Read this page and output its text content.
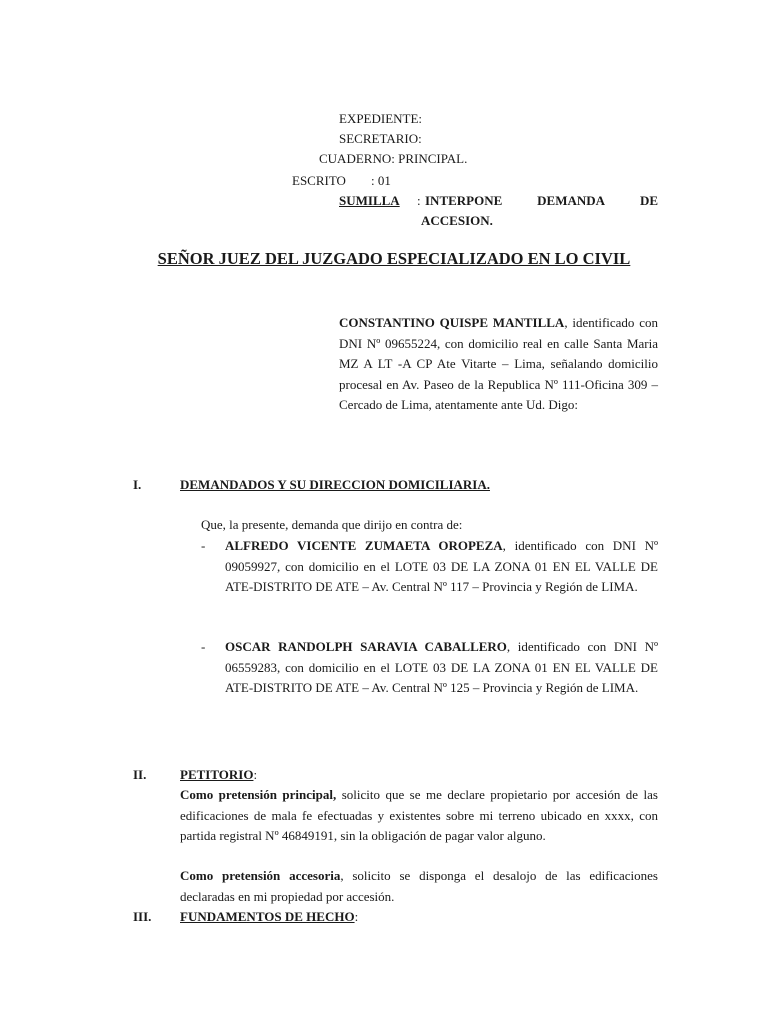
EXPEDIENTE:
SECRETARIO:
CUADERNO: PRINCIPAL.
ESCRITO : 01
SUMILLA : INTERPONE	DEMANDA	DE
ACCESION.
SEÑOR JUEZ DEL JUZGADO ESPECIALIZADO EN LO CIVIL
CONSTANTINO QUISPE MANTILLA, identificado con DNI Nº 09655224, con domicilio real en calle Santa Maria MZ A LT -A CP Ate Vitarte – Lima, señalando domicilio procesal en Av. Paseo de la Republica Nº 111-Oficina 309 – Cercado de Lima, atentamente ante Ud. Digo:
I.	DEMANDADOS Y SU DIRECCION DOMICILIARIA.
Que, la presente, demanda que dirijo en contra de:
- ALFREDO VICENTE ZUMAETA OROPEZA, identificado con DNI Nº 09059927, con domicilio en el LOTE 03 DE LA ZONA 01 EN EL VALLE DE ATE-DISTRITO DE ATE – Av. Central Nº 117 – Provincia y Región de LIMA.
- OSCAR RANDOLPH SARAVIA CABALLERO, identificado con DNI Nº 06559283, con domicilio en el LOTE 03 DE LA ZONA 01 EN EL VALLE DE ATE-DISTRITO DE ATE – Av. Central Nº 125 – Provincia y Región de LIMA.
II.	PETITORIO:
Como pretensión principal, solicito que se me declare propietario por accesión de las edificaciones de mala fe efectuadas y existentes sobre mi terreno ubicado en xxxx, con partida registral Nº 46849191, sin la obligación de pagar valor alguno.
Como pretensión accesoria, solicito se disponga el desalojo de las edificaciones declaradas en mi propiedad por accesión.
III. FUNDAMENTOS DE HECHO:
